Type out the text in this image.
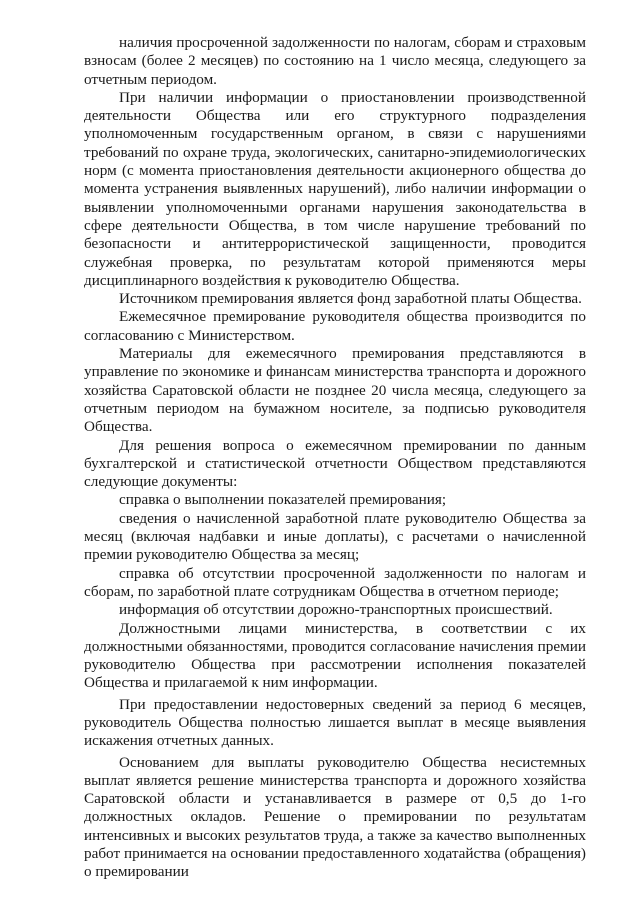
наличия просроченной задолженности по налогам, сборам и страховым взносам (более 2 месяцев) по состоянию на 1 число месяца, следующего за отчетным периодом.

При наличии информации о приостановлении производственной деятельности Общества или его структурного подразделения уполномоченным государственным органом, в связи с нарушениями требований по охране труда, экологических, санитарно-эпидемиологических норм (с момента приостановления деятельности акционерного общества до момента устранения выявленных нарушений), либо наличии информации о выявлении уполномоченными органами нарушения законодательства в сфере деятельности Общества, в том числе нарушение требований по безопасности и антитеррористической защищенности, проводится служебная проверка, по результатам которой применяются меры дисциплинарного воздействия к руководителю Общества.

Источником премирования является фонд заработной платы Общества.

Ежемесячное премирование руководителя общества производится по согласованию с Министерством.

Материалы для ежемесячного премирования представляются в управление по экономике и финансам министерства транспорта и дорожного хозяйства Саратовской области не позднее 20 числа месяца, следующего за отчетным периодом на бумажном носителе, за подписью руководителя Общества.

Для решения вопроса о ежемесячном премировании по данным бухгалтерской и статистической отчетности Обществом представляются следующие документы:

справка о выполнении показателей премирования;

сведения о начисленной заработной плате руководителю Общества за месяц (включая надбавки и иные доплаты), с расчетами о начисленной премии руководителю Общества за месяц;

справка об отсутствии просроченной задолженности по налогам и сборам, по заработной плате сотрудникам Общества в отчетном периоде;

информация об отсутствии дорожно-транспортных происшествий.

Должностными лицами министерства, в соответствии с их должностными обязанностями, проводится согласование начисления премии руководителю Общества при рассмотрении исполнения показателей Общества и прилагаемой к ним информации.

При предоставлении недостоверных сведений за период 6 месяцев, руководитель Общества полностью лишается выплат в месяце выявления искажения отчетных данных.

Основанием для выплаты руководителю Общества несистемных выплат является решение министерства транспорта и дорожного хозяйства Саратовской области и устанавливается в размере от 0,5 до 1-го должностных окладов. Решение о премировании по результатам интенсивных и высоких результатов труда, а также за качество выполненных работ принимается на основании предоставленного ходатайства (обращения) о премировании
